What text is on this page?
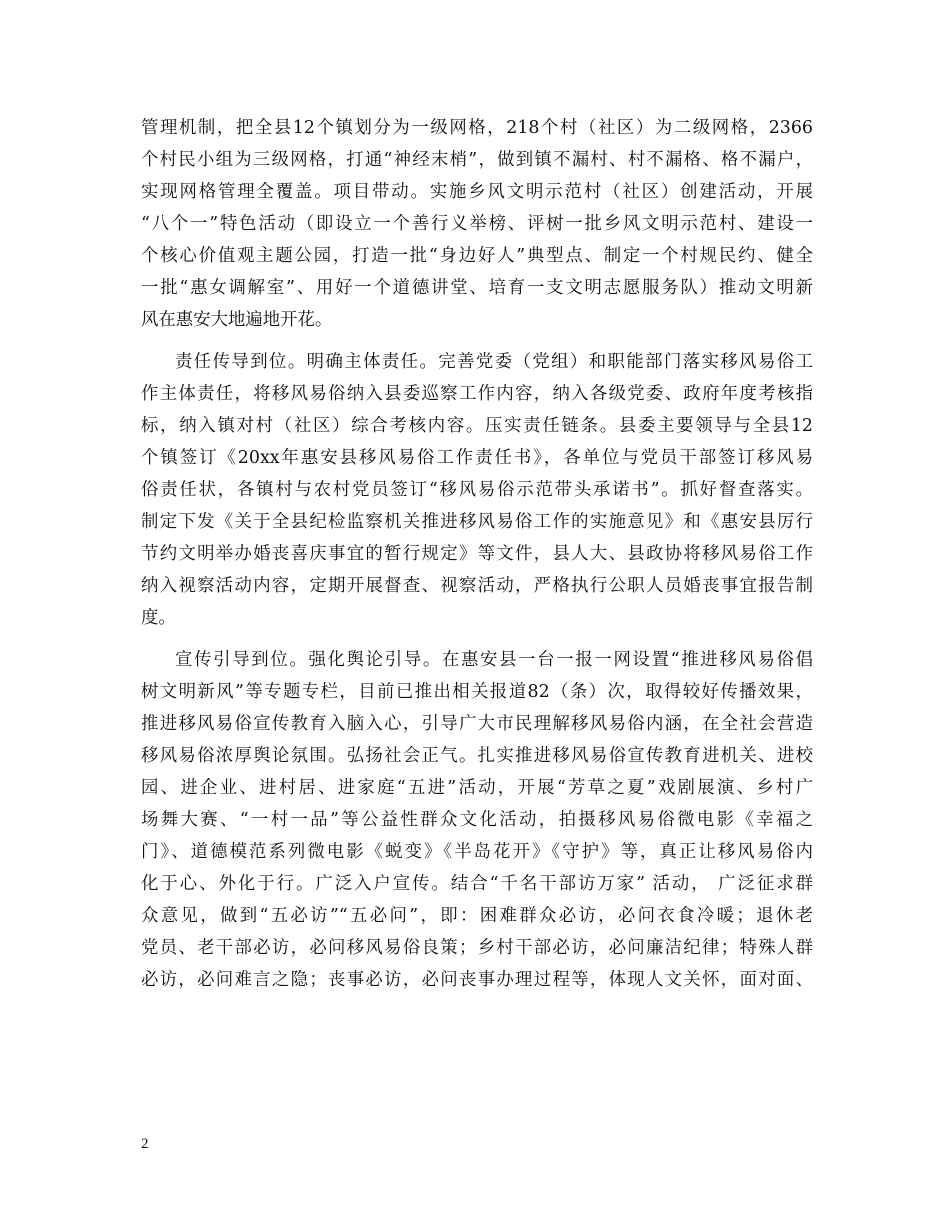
管理机制，把全县12个镇划分为一级网格，218个村（社区）为二级网格，2366
个村民小组为三级网格，打通“神经末梢”，做到镇不漏村、村不漏格、格不漏户，
实现网格管理全覆盖。项目带动。实施乡风文明示范村（社区）创建活动，开展
“八个一”特色活动（即设立一个善行义举榜、评树一批乡风文明示范村、建设一
个核心价值观主题公园，打造一批“身边好人”典型点、制定一个村规民约、健全
一批“惠女调解室”、用好一个道德讲堂、培育一支文明志愿服务队）推动文明新
风在惠安大地遍地开花。
责任传导到位。明确主体责任。完善党委（党组）和职能部门落实移风易俗工
作主体责任，将移风易俗纳入县委巡察工作内容，纳入各级党委、政府年度考核指
标，纳入镇对村（社区）综合考核内容。压实责任链条。县委主要领导与全县12
个镇签订《20xx年惠安县移风易俗工作责任书》，各单位与党员干部签订移风易
俗责任状，各镇村与农村党员签订“移风易俗示范带头承诺书”。抓好督查落实。
制定下发《关于全县纪检监察机关推进移风易俗工作的实施意见》和《惠安县厉行
节约文明举办婚丧喜庆事宜的暂行规定》等文件，县人大、县政协将移风易俗工作
纳入视察活动内容，定期开展督查、视察活动，严格执行公职人员婚丧事宜报告制
度。
宣传引导到位。强化舆论引导。在惠安县一台一报一网设置“推进移风易俗倡
树文明新风”等专题专栏，目前已推出相关报道82（条）次，取得较好传播效果，
推进移风易俗宣传教育入脑入心，引导广大市民理解移风易俗内涵，在全社会营造
移风易俗浓厚舆论氛围。弘扬社会正气。扎实推进移风易俗宣传教育进机关、进校
园、进企业、进村居、进家庭“五进”活动，开展“芳草之夏”戏剧展演、乡村广
场舞大赛、“一村一品”等公益性群众文化活动，拍摄移风易俗微电影《幸福之
门》、道德模范系列微电影《蜕变》《半岛花开》《守护》等，真正让移风易俗内
化于心、外化于行。广泛入户宣传。结合“千名干部访万家” 活动， 广泛征求群
众意见，做到“五必访”“五必问”，即：困难群众必访，必问衣食冷暖；退休老
党员、老干部必访，必问移风易俗良策；乡村干部必访，必问廉洁纪律；特殊人群
必访，必问难言之隐；丧事必访，必问丧事办理过程等，体现人文关怀，面对面、
2
